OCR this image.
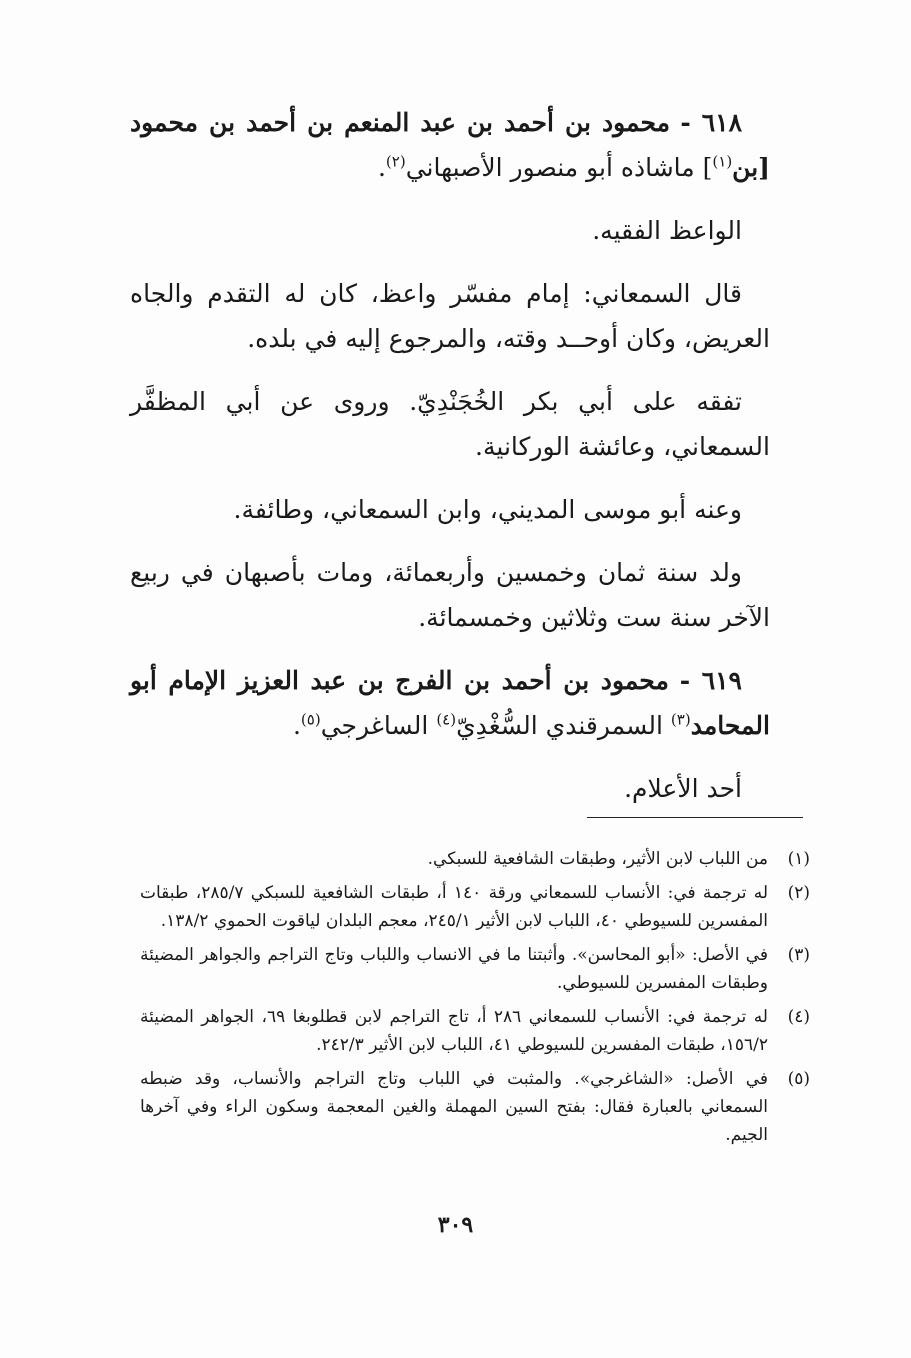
٦١٨ - محمود بن أحمد بن عبد المنعم بن أحمد بن محمود [بن$^{(١)}$] ماشاذه أبو منصور الأصبهاني$^{(٢)}$.

الواعظ الفقيه.

قال السمعاني: إمام مفسّر واعظ، كان له التقدم والجاه العريض، وكان أوحــد وقته، والمرجوع إليه في بلده.

تفقه على أبي بكر الخُجَنْدِيّ. وروى عن أبي المظفَّر السمعاني، وعائشة الوركانية.

وعنه أبو موسى المديني، وابن السمعاني، وطائفة.

ولد سنة ثمان وخمسين وأربعمائة، ومات بأصبهان في ربيع الآخر سنة ست وثلاثين وخمسمائة.

٦١٩ - محمود بن أحمد بن الفرج بن عبد العزيز الإمام أبو المحامد$^{(٣)}$ السمرقندي السُّغْدِيّ$^{(٤)}$ الساغرجي$^{(٥)}$.

أحد الأعلام.

(١)
من اللباب لابن الأثير، وطبقات الشافعية للسبكي.
(٢)
له ترجمة في: الأنساب للسمعاني ورقة ١٤٠ أ، طبقات الشافعية للسبكي ٢٨٥/٧، طبقات المفسرين للسيوطي ٤٠، اللباب لابن الأثير ٢٤٥/١، معجم البلدان لياقوت الحموي ١٣٨/٢.
(٣)
في الأصل: «أبو المحاسن». وأثبتنا ما في الانساب واللباب وتاج التراجم والجواهر المضيئة وطبقات المفسرين للسيوطي.
(٤)
له ترجمة في: الأنساب للسمعاني ٢٨٦ أ، تاج التراجم لابن قطلوبغا ٦٩، الجواهر المضيئة ١٥٦/٢، طبقات المفسرين للسيوطي ٤١، اللباب لابن الأثير ٢٤٢/٣.
(٥)
في الأصل: «الشاغرجي». والمثبت في اللباب وتاج التراجم والأنساب، وقد ضبطه السمعاني بالعبارة فقال: بفتح السين المهملة والغين المعجمة وسكون الراء وفي آخرها الجيم.
٣٠٩
